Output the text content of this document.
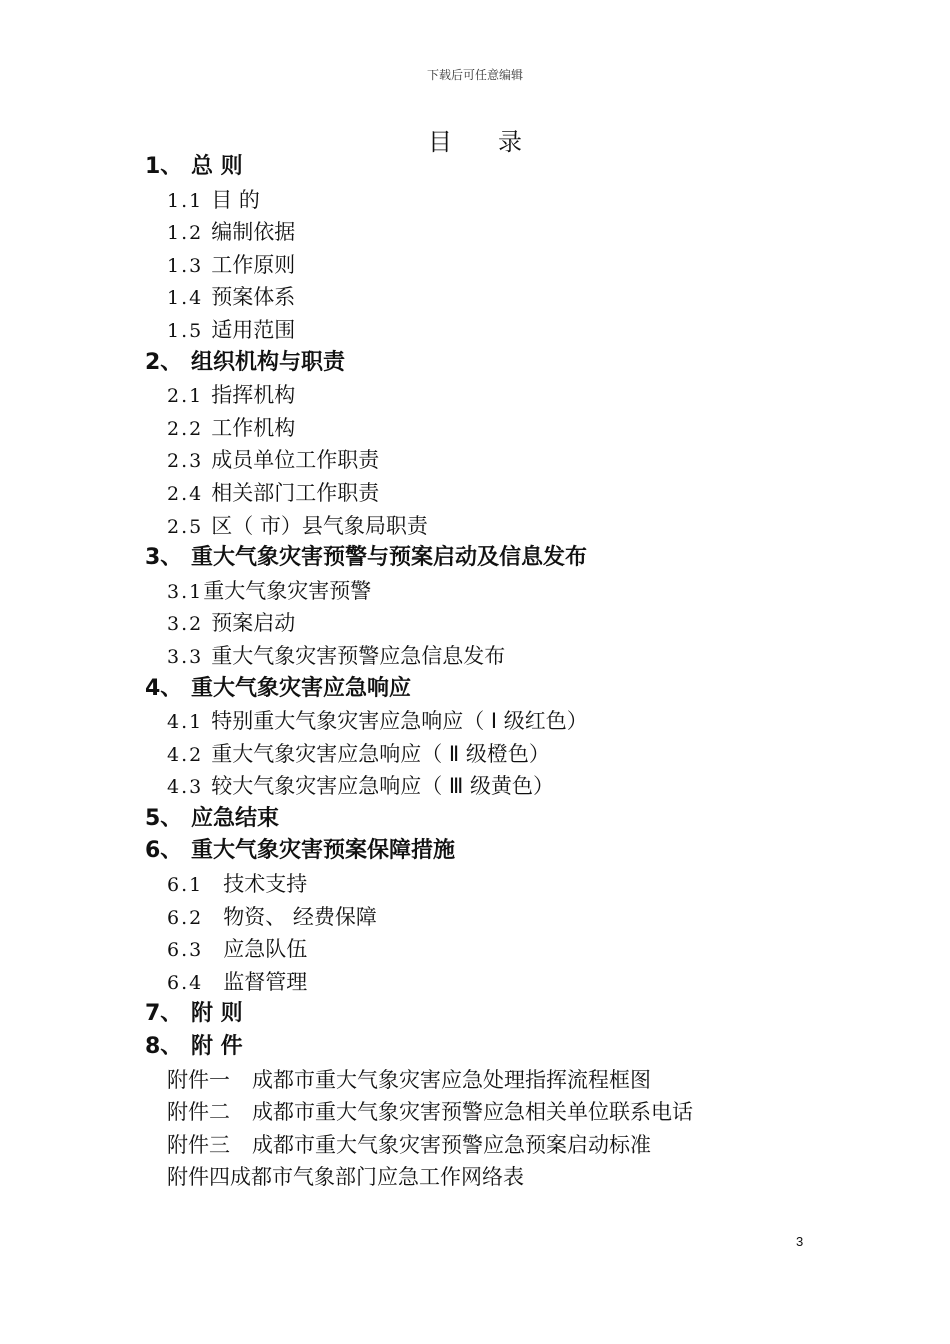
下载后可任意编辑
目录
1、 总 则
1.1 目 的
1.2 编制依据
1.3 工作原则
1.4 预案体系
1.5 适用范围
2、 组织机构与职责
2.1 指挥机构
2.2 工作机构
2.3 成员单位工作职责
2.4 相关部门工作职责
2.5 区（ 市）县气象局职责
3、 重大气象灾害预警与预案启动及信息发布
3.1重大气象灾害预警
3.2 预案启动
3.3 重大气象灾害预警应急信息发布
4、 重大气象灾害应急响应
4.1 特别重大气象灾害应急响应（ Ⅰ 级红色）
4.2 重大气象灾害应急响应（ Ⅱ 级橙色）
4.3 较大气象灾害应急响应（ Ⅲ 级黄色）
5、 应急结束
6、 重大气象灾害预案保障措施
6.1 技术支持
6.2 物资、 经费保障
6.3 应急队伍
6.4 监督管理
7、 附 则
8、 附 件
附件一 成都市重大气象灾害应急处理指挥流程框图
附件二 成都市重大气象灾害预警应急相关单位联系电话
附件三 成都市重大气象灾害预警应急预案启动标准
附件四成都市气象部门应急工作网络表
3
